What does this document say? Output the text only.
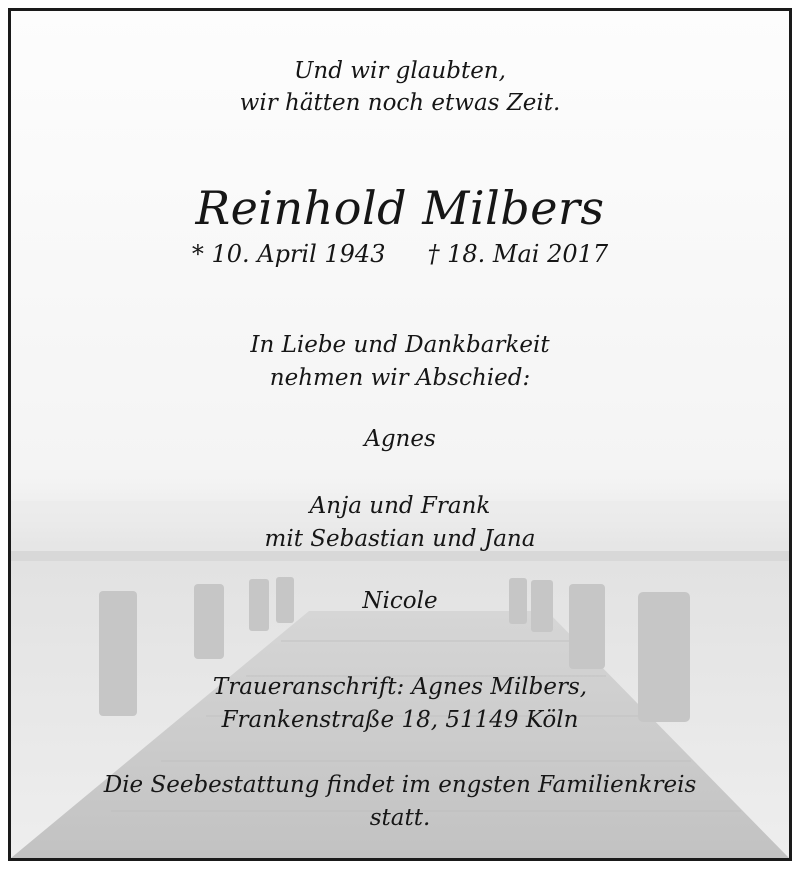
Und wir glaubten,
wir hätten noch etwas Zeit.
Reinhold Milbers
* 10. April 1943 † 18. Mai 2017
In Liebe und Dankbarkeit
nehmen wir Abschied:
Agnes
Anja und Frank
mit Sebastian und Jana
Nicole
Traueranschrift: Agnes Milbers,
Frankenstraße 18, 51149 Köln
Die Seebestattung findet im engsten Familienkreis
statt.
